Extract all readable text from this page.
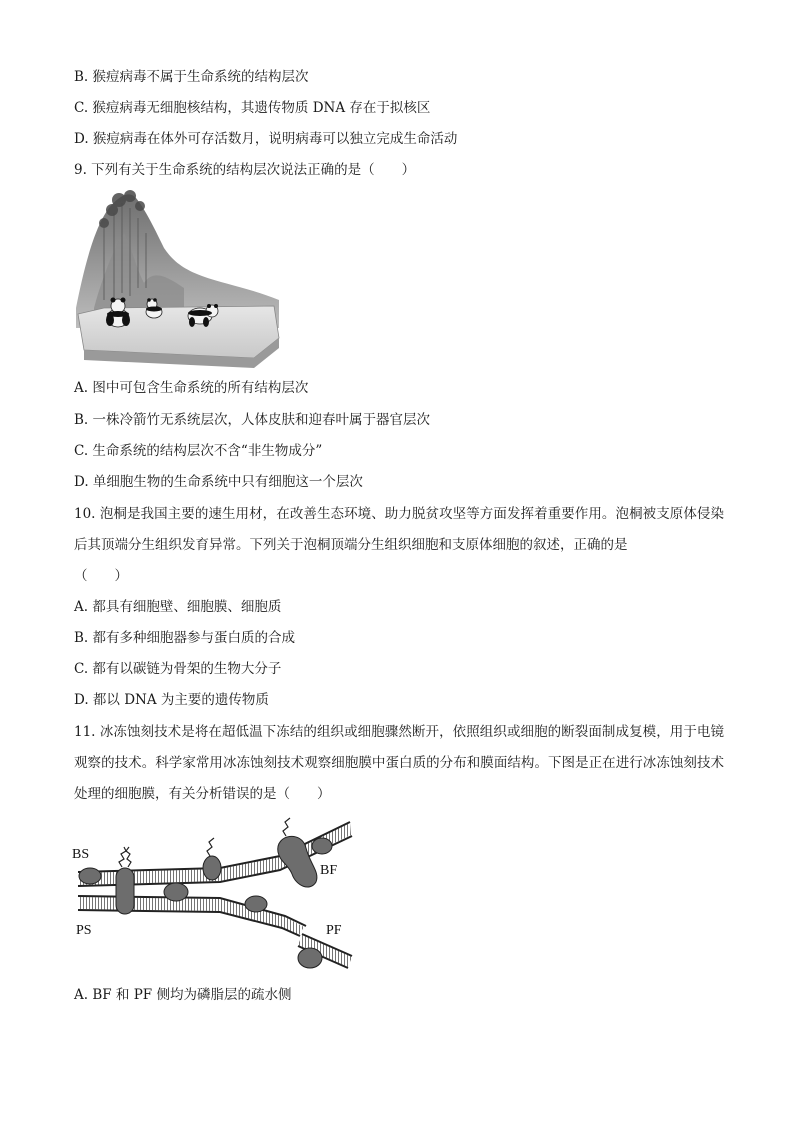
B. 猴痘病毒不属于生命系统的结构层次
C. 猴痘病毒无细胞核结构，其遗传物质 DNA 存在于拟核区
D. 猴痘病毒在体外可存活数月，说明病毒可以独立完成生命活动
9. 下列有关于生命系统的结构层次说法正确的是（　　）
A. 图中可包含生命系统的所有结构层次
B. 一株冷箭竹无系统层次，人体皮肤和迎春叶属于器官层次
C. 生命系统的结构层次不含“非生物成分”
D. 单细胞生物的生命系统中只有细胞这一个层次
10. 泡桐是我国主要的速生用材，在改善生态环境、助力脱贫攻坚等方面发挥着重要作用。泡桐被支原体侵染后其顶端分生组织发育异常。下列关于泡桐顶端分生组织细胞和支原体细胞的叙述，正确的是
（　　）
A. 都具有细胞壁、细胞膜、细胞质
B. 都有多种细胞器参与蛋白质的合成
C. 都有以碳链为骨架的生物大分子
D. 都以 DNA 为主要的遗传物质
11. 冰冻蚀刻技术是将在超低温下冻结的组织或细胞骤然断开，依照组织或细胞的断裂面制成复模，用于电镜观察的技术。科学家常用冰冻蚀刻技术观察细胞膜中蛋白质的分布和膜面结构。下图是正在进行冰冻蚀刻技术处理的细胞膜，有关分析错误的是（　　）
BS
PS
BF
PF
A. BF 和 PF 侧均为磷脂层的疏水侧
